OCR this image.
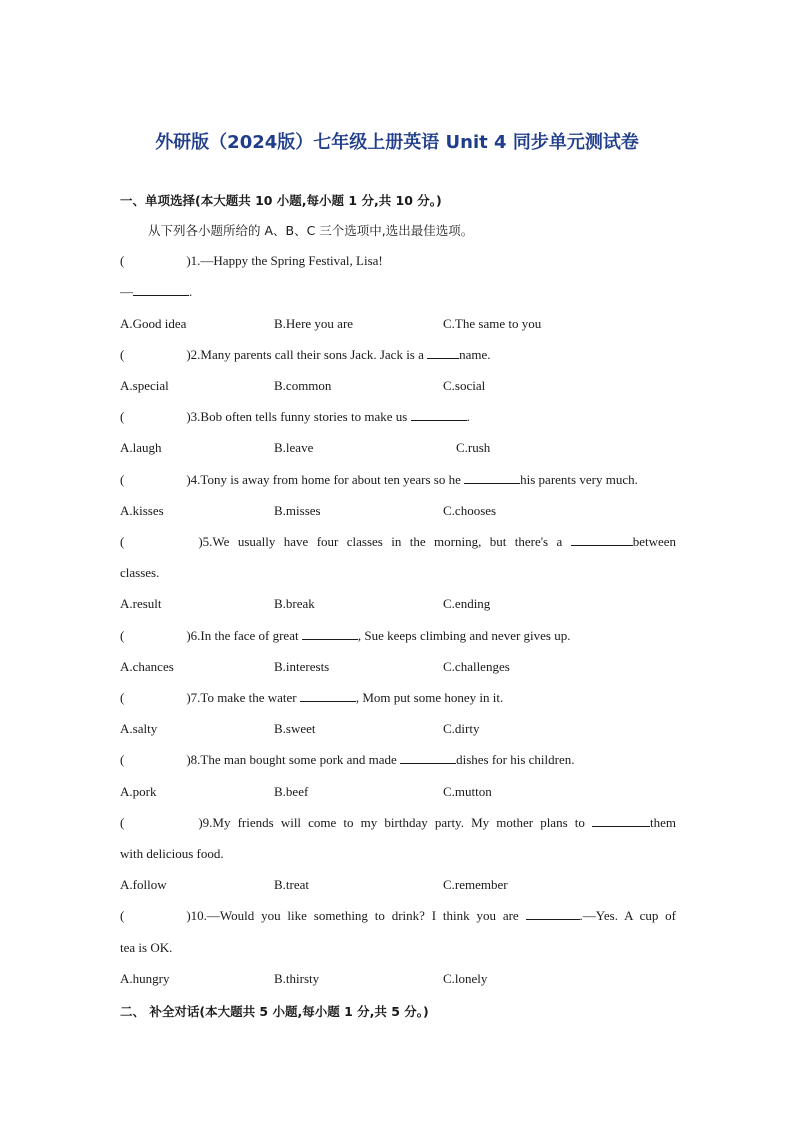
外研版（2024版）七年级上册英语 Unit 4 同步单元测试卷

一、单项选择(本大题共 10 小题,每小题 1 分,共 10 分。)

从下列各小题所给的 A、B、C 三个选项中,选出最佳选项。

(	)1.—Happy the Spring Festival, Lisa!
—	.
A.Good idea	B.Here you are	C.The same to you
(	)2.Many parents call their sons Jack. Jack is a name.
A.special	B.common	C.social
(	)3.Bob often tells funny stories to make us	.
A.laugh	B.leave	C.rush
(	)4.Tony is away from home for about ten years so he	his parents very much.
A.kisses	B.misses	C.chooses
(	)5.We usually have four classes in the morning, but there's a	between
classes.
A.result	B.break	C.ending
(	)6.In the face of great	, Sue keeps climbing and never gives up.
A.chances	B.interests	C.challenges
(	)7.To make the water	, Mom put some honey in it.
A.salty	B.sweet	C.dirty
(	)8.The man bought some pork and made	dishes for his children.
A.pork	B.beef	C.mutton
(	)9.My friends will come to my birthday party. My mother plans to	them
with delicious food.
A.follow	B.treat	C.remember
(	)10.—Would you like something to drink? I think you are	.—Yes. A cup of
tea is OK.
A.hungry	B.thirsty	C.lonely

二、 补全对话(本大题共 5 小题,每小题 1 分,共 5 分。)
